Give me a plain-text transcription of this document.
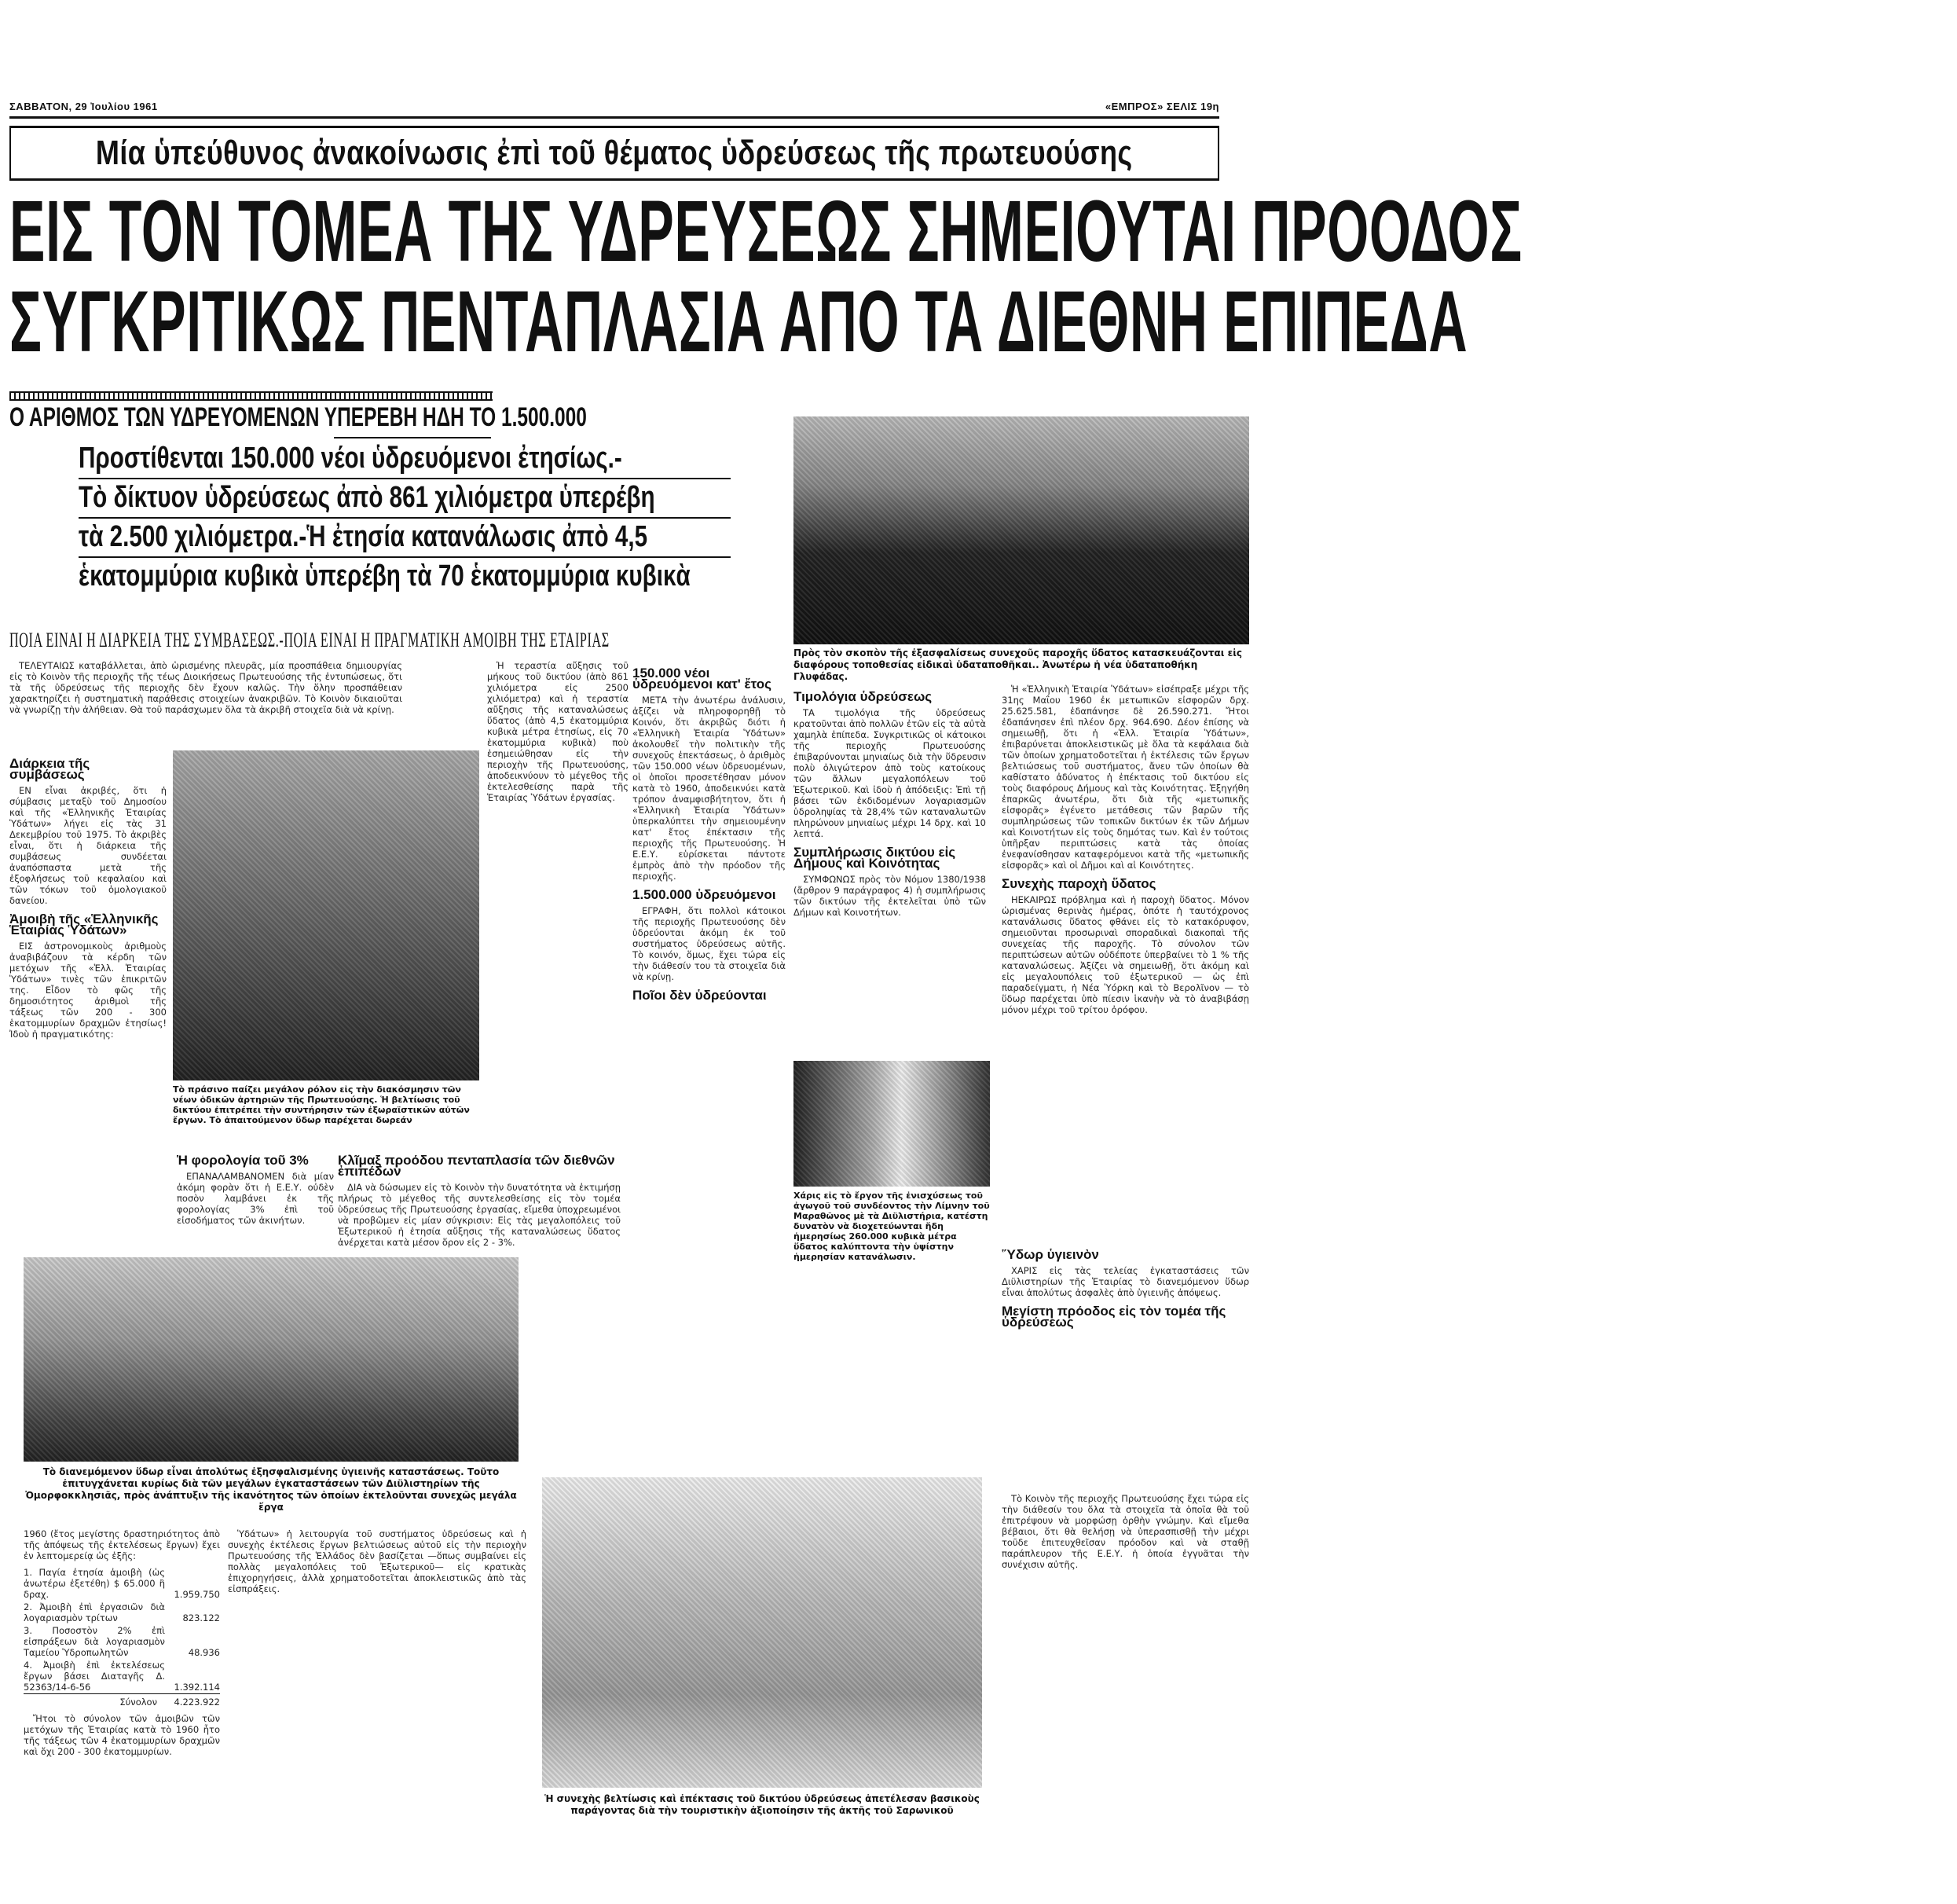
ΣΑΒΒΑΤΟΝ, 29 Ἰουλίου 1961	«ΕΜΠΡΟΣ» ΣΕΛΙΣ 19η
Μία ὑπεύθυνος ἀνακοίνωσις ἐπὶ τοῦ θέματος ὑδρεύσεως τῆς πρωτευούσης
ΕΙΣ ΤΟΝ ΤΟΜΕΑ ΤΗΣ ΥΔΡΕΥΣΕΩΣ ΣΗΜΕΙΟΥΤΑΙ ΠΡΟΟΔΟΣ
ΣΥΓΚΡΙΤΙΚΩΣ ΠΕΝΤΑΠΛΑΣΙΑ ΑΠΟ ΤΑ ΔΙΕΘΝΗ ΕΠΙΠΕΔΑ
Ο ΑΡΙΘΜΟΣ ΤΩΝ ΥΔΡΕΥΟΜΕΝΩΝ ΥΠΕΡΕΒΗ ΗΔΗ ΤΟ 1.500.000
Προστίθενται 150.000 νέοι ὑδρευόμενοι ἐτησίως.-
Τὸ δίκτυον ὑδρεύσεως ἀπὸ 861 χιλιόμετρα ὑπερέβη
τὰ 2.500 χιλιόμετρα.-Ἡ ἐτησία κατανάλωσις ἀπὸ 4,5
ἑκατομμύρια κυβικὰ ὑπερέβη τὰ 70 ἑκατομμύρια κυβικὰ
Πρὸς τὸν σκοπὸν τῆς ἐξασφαλίσεως συνεχοῦς παροχῆς ὕδατος κατασκευάζονται εἰς διαφόρους τοποθεσίας εἰδικαὶ ὑδαταποθῆκαι.. Ἀνωτέρω ἡ νέα ὑδαταποθήκη Γλυφάδας.
ΠΟΙΑ ΕΙΝΑΙ Η ΔΙΑΡΚΕΙΑ ΤΗΣ ΣΥΜΒΑΣΕΩΣ.-ΠΟΙΑ ΕΙΝΑΙ Η ΠΡΑΓΜΑΤΙΚΗ ΑΜΟΙΒΗ ΤΗΣ ΕΤΑΙΡΙΑΣ

ΤΕΛΕΥΤΑΙΩΣ καταβάλλεται, ἀπὸ ὡρισμένης πλευρᾶς, μία προσπάθεια δημιουργίας εἰς τὸ Κοινὸν τῆς περιοχῆς τῆς τέως Διοικήσεως Πρωτευούσης τῆς ἐντυπώσεως, ὅτι τὰ τῆς ὑδρεύσεως τῆς περιοχῆς δὲν ἔχουν καλῶς. Τὴν ὅλην προσπάθειαν χαρακτηρίζει ἡ συστηματικὴ παράθεσις στοιχείων ἀνακριβῶν. Τὸ Κοινὸν δικαιοῦται νὰ γνωρίζῃ τὴν ἀλήθειαν. Θὰ τοῦ παράσχωμεν ὅλα τὰ ἀκριβῆ στοιχεῖα διὰ νὰ κρίνῃ.

Διάρκεια τῆς συμβάσεως

ΕΝ εἶναι ἀκριβές, ὅτι ἡ σύμβασις μεταξὺ τοῦ Δημοσίου καὶ τῆς «Ἑλληνικῆς Ἑταιρίας Ὑδάτων» λήγει εἰς τὰς 31 Δεκεμβρίου τοῦ 1975. Τὸ ἀκριβὲς εἶναι, ὅτι ἡ διάρκεια τῆς συμβάσεως συνδέεται ἀναπόσπαστα μετὰ τῆς ἐξοφλήσεως τοῦ κεφαλαίου καὶ τῶν τόκων τοῦ ὁμολογιακοῦ δανείου.

Ἀμοιβὴ τῆς «Ἑλληνικῆς Ἑταιρίας Ὑδάτων»

ΕΙΣ ἀστρονομικοὺς ἀριθμοὺς ἀναβιβάζουν τὰ κέρδη τῶν μετόχων τῆς «Ἑλλ. Ἑταιρίας Ὑδάτων» τινὲς τῶν ἐπικριτῶν της. Εἶδον τὸ φῶς τῆς δημοσιότητος ἀριθμοὶ τῆς τάξεως τῶν 200 - 300 ἑκατομμυρίων δραχμῶν ἐτησίως! Ἰδοὺ ἡ πραγματικότης:

Τὸ πράσινο παίζει μεγάλον ρόλον εἰς τὴν διακόσμησιν τῶν νέων ὁδικῶν ἀρτηριῶν τῆς Πρωτευούσης. Ἡ βελτίωσις τοῦ δικτύου ἐπιτρέπει τὴν συντήρησιν τῶν ἐξωραϊστικῶν αὐτῶν ἔργων. Τὸ ἀπαιτούμενον ὕδωρ παρέχεται δωρεάν
Ἡ φορολογία τοῦ 3%

ΕΠΑΝΑΛΑΜΒΑΝΟΜΕΝ διὰ μίαν ἀκόμη φορὰν ὅτι ἡ Ε.Ε.Υ. οὐδὲν ποσὸν λαμβάνει ἐκ τῆς φορολογίας 3% ἐπὶ τοῦ εἰσοδήματος τῶν ἀκινήτων.

Ἡ τεραστία αὔξησις τοῦ μήκους τοῦ δικτύου (ἀπὸ 861 χιλιόμετρα εἰς 2500 χιλιόμετρα) καὶ ἡ τεραστία αὔξησις τῆς καταναλώσεως ὕδατος (ἀπὸ 4,5 ἑκατομμύρια κυβικὰ μέτρα ἐτησίως, εἰς 70 ἑκατομμύρια κυβικὰ) ποὺ ἐσημειώθησαν εἰς τὴν περιοχὴν τῆς Πρωτευούσης, ἀποδεικνύουν τὸ μέγεθος τῆς ἐκτελεσθείσης παρὰ τῆς Ἑταιρίας Ὑδάτων ἐργασίας.

Κλῖμαξ προόδου πενταπλασία τῶν διεθνῶν ἐπιπέδων

ΔΙΑ νὰ δώσωμεν εἰς τὸ Κοινὸν τὴν δυνατότητα νὰ ἐκτιμήσῃ πλήρως τὸ μέγεθος τῆς συντελεσθείσης εἰς τὸν τομέα ὑδρεύσεως τῆς Πρωτευούσης ἐργασίας, εἴμεθα ὑποχρεωμένοι νὰ προβῶμεν εἰς μίαν σύγκρισιν: Εἰς τὰς μεγαλοπόλεις τοῦ Ἐξωτερικοῦ ἡ ἐτησία αὔξησις τῆς καταναλώσεως ὕδατος ἀνέρχεται κατὰ μέσον ὅρον εἰς 2 - 3%.

150.000 νέοι ὑδρευόμενοι κατ' ἔτος

ΜΕΤΑ τὴν ἀνωτέρω ἀνάλυσιν, ἀξίζει νὰ πληροφορηθῇ τὸ Κοινόν, ὅτι ἀκριβῶς διότι ἡ «Ἑλληνικὴ Ἑταιρία Ὑδάτων» ἀκολουθεῖ τὴν πολιτικὴν τῆς συνεχοῦς ἐπεκτάσεως, ὁ ἀριθμὸς τῶν 150.000 νέων ὑδρευομένων, οἱ ὁποῖοι προσετέθησαν μόνον κατὰ τὸ 1960, ἀποδεικνύει κατὰ τρόπον ἀναμφισβήτητον, ὅτι ἡ «Ἑλληνικὴ Ἑταιρία Ὑδάτων» ὑπερκαλύπτει τὴν σημειουμένην κατ' ἔτος ἐπέκτασιν τῆς περιοχῆς τῆς Πρωτευούσης. Ἡ Ε.Ε.Υ. εὑρίσκεται πάντοτε ἐμπρὸς ἀπὸ τὴν πρόοδον τῆς περιοχῆς.

1.500.000 ὑδρευόμενοι

ΕΓΡΑΦΗ, ὅτι πολλοὶ κάτοικοι τῆς περιοχῆς Πρωτευούσης δὲν ὑδρεύονται ἀκόμη ἐκ τοῦ συστήματος ὑδρεύσεως αὐτῆς. Τὸ κοινόν, ὅμως, ἔχει τώρα εἰς τὴν διάθεσίν του τὰ στοιχεῖα διὰ νὰ κρίνῃ.

Ποῖοι δὲν ὑδρεύονται
Τιμολόγια ὑδρεύσεως

ΤΑ τιμολόγια τῆς ὑδρεύσεως κρατοῦνται ἀπὸ πολλῶν ἐτῶν εἰς τὰ αὐτὰ χαμηλὰ ἐπίπεδα. Συγκριτικῶς οἱ κάτοικοι τῆς περιοχῆς Πρωτευούσης ἐπιβαρύνονται μηνιαίως διὰ τὴν ὕδρευσιν πολὺ ὀλιγώτερον ἀπὸ τοὺς κατοίκους τῶν ἄλλων μεγαλοπόλεων τοῦ Ἐξωτερικοῦ. Καὶ ἰδοὺ ἡ ἀπόδειξις: Ἐπὶ τῇ βάσει τῶν ἐκδιδομένων λογαριασμῶν ὑδροληψίας τὰ 28,4% τῶν καταναλωτῶν πληρώνουν μηνιαίως μέχρι 14 δρχ. καὶ 10 λεπτά.

Συμπλήρωσις δικτύου εἰς Δήμους καὶ Κοινότητας

ΣΥΜΦΩΝΩΣ πρὸς τὸν Νόμον 1380/1938 (ἄρθρον 9 παράγραφος 4) ἡ συμπλήρωσις τῶν δικτύων τῆς ἐκτελεῖται ὑπὸ τῶν Δήμων καὶ Κοινοτήτων.

Ἡ «Ἑλληνικὴ Ἑταιρία Ὑδάτων» εἰσέπραξε μέχρι τῆς 31ης Μαΐου 1960 ἐκ μετωπικῶν εἰσφορῶν δρχ. 25.625.581, ἐδαπάνησε δὲ 26.590.271. Ἤτοι ἐδαπάνησεν ἐπὶ πλέον δρχ. 964.690. Δέον ἐπίσης νὰ σημειωθῇ, ὅτι ἡ «Ἑλλ. Ἑταιρία Ὑδάτων», ἐπιβαρύνεται ἀποκλειστικῶς μὲ ὅλα τὰ κεφάλαια διὰ τῶν ὁποίων χρηματοδοτεῖται ἡ ἐκτέλεσις τῶν ἔργων βελτιώσεως τοῦ συστήματος, ἄνευ τῶν ὁποίων θὰ καθίστατο ἀδύνατος ἡ ἐπέκτασις τοῦ δικτύου εἰς τοὺς διαφόρους Δήμους καὶ τὰς Κοινότητας. Ἐξηγήθη ἐπαρκῶς ἀνωτέρω, ὅτι διὰ τῆς «μετωπικῆς εἰσφορᾶς» ἐγένετο μετάθεσις τῶν βαρῶν τῆς συμπληρώσεως τῶν τοπικῶν δικτύων ἐκ τῶν Δήμων καὶ Κοινοτήτων εἰς τοὺς δημότας των. Καὶ ἐν τούτοις ὑπῆρξαν περιπτώσεις κατὰ τὰς ὁποίας ἐνεφανίσθησαν καταφερόμενοι κατὰ τῆς «μετωπικῆς εἰσφορᾶς» καὶ οἱ Δῆμοι καὶ αἱ Κοινότητες.

Συνεχὴς παροχὴ ὕδατος

ΗΕΚΑΙΡΩΣ πρόβλημα καὶ ἡ παροχὴ ὕδατος. Μόνον ὡρισμένας θερινὰς ἡμέρας, ὁπότε ἡ ταυτόχρονος κατανάλωσις ὕδατος φθάνει εἰς τὸ κατακόρυφον, σημειοῦνται προσωριναὶ σποραδικαὶ διακοπαὶ τῆς συνεχείας τῆς παροχῆς. Τὸ σύνολον τῶν περιπτώσεων αὐτῶν οὐδέποτε ὑπερβαίνει τὸ 1 % τῆς καταναλώσεως. Ἀξίζει νὰ σημειωθῇ, ὅτι ἀκόμη καὶ εἰς μεγαλουπόλεις τοῦ ἐξωτερικοῦ — ὡς ἐπὶ παραδείγματι, ἡ Νέα Ὑόρκη καὶ τὸ Βερολῖνον — τὸ ὕδωρ παρέχεται ὑπὸ πίεσιν ἱκανὴν νὰ τὸ ἀναβιβάσῃ μόνον μέχρι τοῦ τρίτου ὀρόφου.

Χάρις εἰς τὸ ἔργον τῆς ἐνισχύσεως τοῦ ἀγωγοῦ τοῦ συνδέοντος τὴν Λίμνην τοῦ Μαραθῶνος μὲ τὰ Διϋλιστήρια, κατέστη δυνατὸν νὰ διοχετεύωνται ἤδη ἡμερησίως 260.000 κυβικὰ μέτρα ὕδατος καλύπτοντα τὴν ὑψίστην ἡμερησίαν κατανάλωσιν.	Ὕδωρ ὑγιεινὸν

ΧΑΡΙΣ εἰς τὰς τελείας ἐγκαταστάσεις τῶν Διϋλιστηρίων τῆς Ἑταιρίας τὸ διανεμόμενον ὕδωρ εἶναι ἀπολύτως ἀσφαλὲς ἀπὸ ὑγιεινῆς ἀπόψεως.

Μεγίστη πρόοδος εἰς τὸν τομέα τῆς ὑδρεύσεως
Τὸ διανεμόμενον ὕδωρ εἶναι ἀπολύτως ἐξησφαλισμένης ὑγιεινῆς καταστάσεως. Τοῦτο ἐπιτυγχάνεται κυρίως διὰ τῶν μεγάλων ἐγκαταστάσεων τῶν Διϋλιστηρίων τῆς Ὀμορφοκκλησιᾶς, πρὸς ἀνάπτυξιν τῆς ἱκανότητος τῶν ὁποίων ἐκτελοῦνται συνεχῶς μεγάλα ἔργα

1960 (ἔτος μεγίστης δραστηριότητος ἀπὸ τῆς ἀπόψεως τῆς ἐκτελέσεως ἔργων) ἔχει ἐν λεπτομερείᾳ ὡς ἑξῆς:

1. Παγία ἐτησία ἀμοιβὴ (ὡς ἀνωτέρω ἐξετέθη) $ 65.000 ἢ δραχ.	1.959.750
2. Ἀμοιβὴ ἐπὶ ἐργασιῶν διὰ λογαριασμὸν τρίτων	823.122
3. Ποσοστὸν 2% ἐπὶ εἰσπράξεων διὰ λογαριασμὸν Ταμείου Ὑδροπωλητῶν	48.936
4. Ἀμοιβὴ ἐπὶ ἐκτελέσεως ἔργων βάσει Διαταγῆς Δ. 52363/14-6-56	1.392.114
Σύνολον	4.223.922

Ἤτοι τὸ σύνολον τῶν ἀμοιβῶν τῶν μετόχων τῆς Ἑταιρίας κατὰ τὸ 1960 ἦτο τῆς τάξεως τῶν 4 ἑκατομμυρίων δραχμῶν καὶ ὄχι 200 - 300 ἑκατομμυρίων.

Ὑδάτων» ἡ λειτουργία τοῦ συστήματος ὑδρεύσεως καὶ ἡ συνεχὴς ἐκτέλεσις ἔργων βελτιώσεως αὐτοῦ εἰς τὴν περιοχὴν Πρωτευούσης τῆς Ἑλλάδος δὲν βασίζεται —ὅπως συμβαίνει εἰς πολλὰς μεγαλοπόλεις τοῦ Ἐξωτερικοῦ— εἰς κρατικὰς ἐπιχορηγήσεις, ἀλλὰ χρηματοδοτεῖται ἀποκλειστικῶς ἀπὸ τὰς εἰσπράξεις.

Ἡ συνεχὴς βελτίωσις καὶ ἐπέκτασις τοῦ δικτύου ὑδρεύσεως ἀπετέλεσαν βασικοὺς παράγοντας διὰ τὴν τουριστικὴν ἀξιοποίησιν τῆς ἀκτῆς τοῦ Σαρωνικοῦ

Τὸ Κοινὸν τῆς περιοχῆς Πρωτευούσης ἔχει τώρα εἰς τὴν διάθεσίν του ὅλα τὰ στοιχεῖα τὰ ὁποῖα θὰ τοῦ ἐπιτρέψουν νὰ μορφώσῃ ὀρθὴν γνώμην. Καὶ εἴμεθα βέβαιοι, ὅτι θὰ θελήσῃ νὰ ὑπερασπισθῇ τὴν μέχρι τοῦδε ἐπιτευχθεῖσαν πρόοδον καὶ νὰ σταθῇ παράπλευρον τῆς Ε.Ε.Υ. ἡ ὁποία ἐγγυᾶται τὴν συνέχισιν αὐτῆς.
